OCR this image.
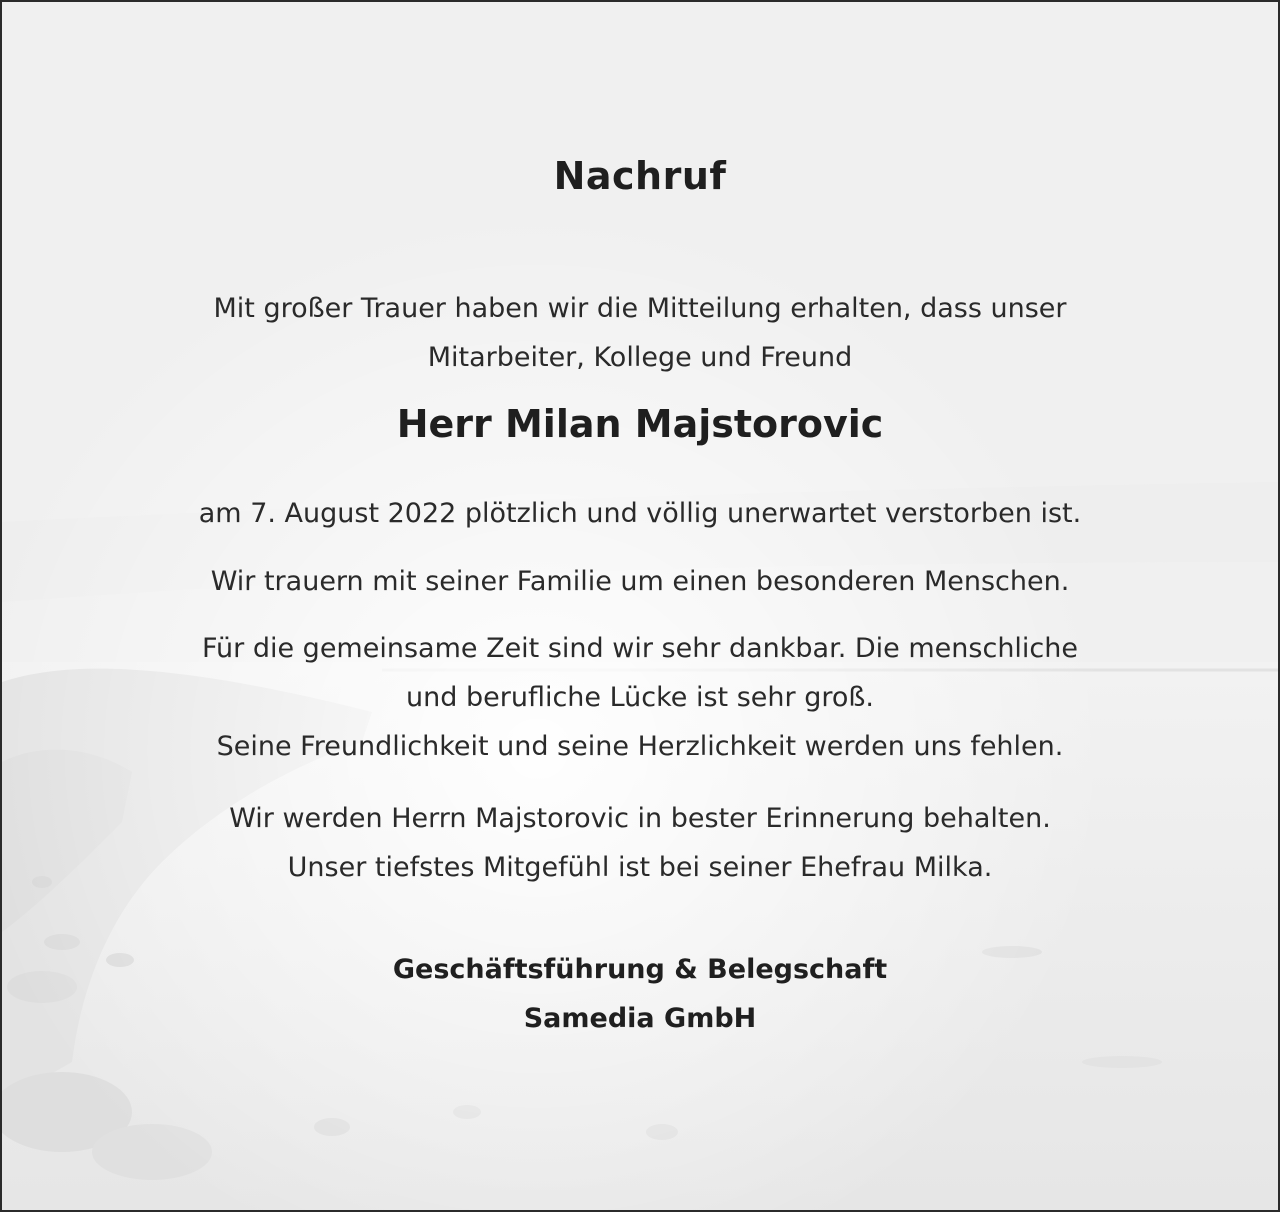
Nachruf
Mit großer Trauer haben wir die Mitteilung erhalten, dass unser
Mitarbeiter, Kollege und Freund
Herr Milan Majstorovic
am 7. August 2022 plötzlich und völlig unerwartet verstorben ist.
Wir trauern mit seiner Familie um einen besonderen Menschen.
Für die gemeinsame Zeit sind wir sehr dankbar. Die menschliche
und berufliche Lücke ist sehr groß.
Seine Freundlichkeit und seine Herzlichkeit werden uns fehlen.
Wir werden Herrn Majstorovic in bester Erinnerung behalten.
Unser tiefstes Mitgefühl ist bei seiner Ehefrau Milka.
Geschäftsführung & Belegschaft
Samedia GmbH
